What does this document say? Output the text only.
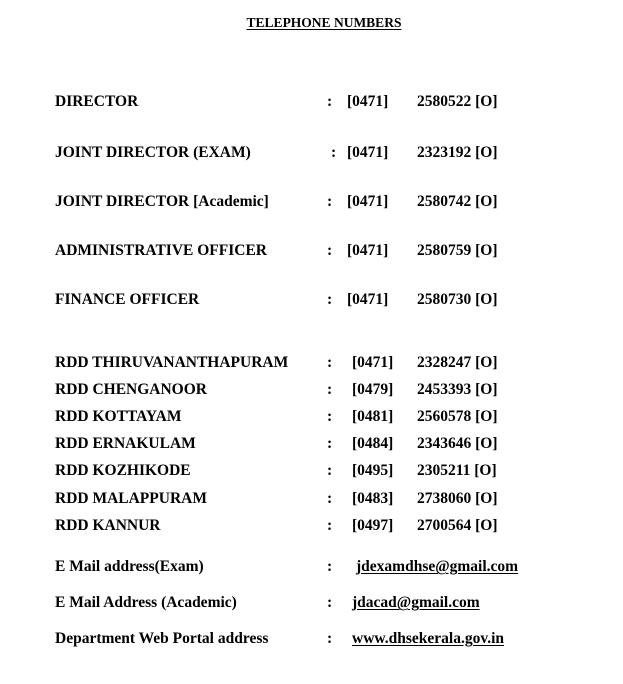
TELEPHONE NUMBERS
DIRECTOR	: [0471] 2580522 [O]
JOINT DIRECTOR (EXAM)	: [0471] 2323192 [O]
JOINT DIRECTOR [Academic]	: [0471] 2580742 [O]
ADMINISTRATIVE OFFICER	: [0471] 2580759 [O]
FINANCE OFFICER	: [0471] 2580730 [O]
RDD THIRUVANANTHAPURAM	: [0471] 2328247 [O]
RDD CHENGANOOR	: [0479] 2453393 [O]
RDD KOTTAYAM	: [0481] 2560578 [O]
RDD ERNAKULAM	: [0484] 2343646 [O]
RDD KOZHIKODE	: [0495] 2305211 [O]
RDD MALAPPURAM	: [0483] 2738060 [O]
RDD KANNUR	: [0497] 2700564 [O]
E Mail address(Exam)	: jdexamdhse@gmail.com
E Mail Address (Academic)	: jdacad@gmail.com
Department Web Portal address	: www.dhsekerala.gov.in
